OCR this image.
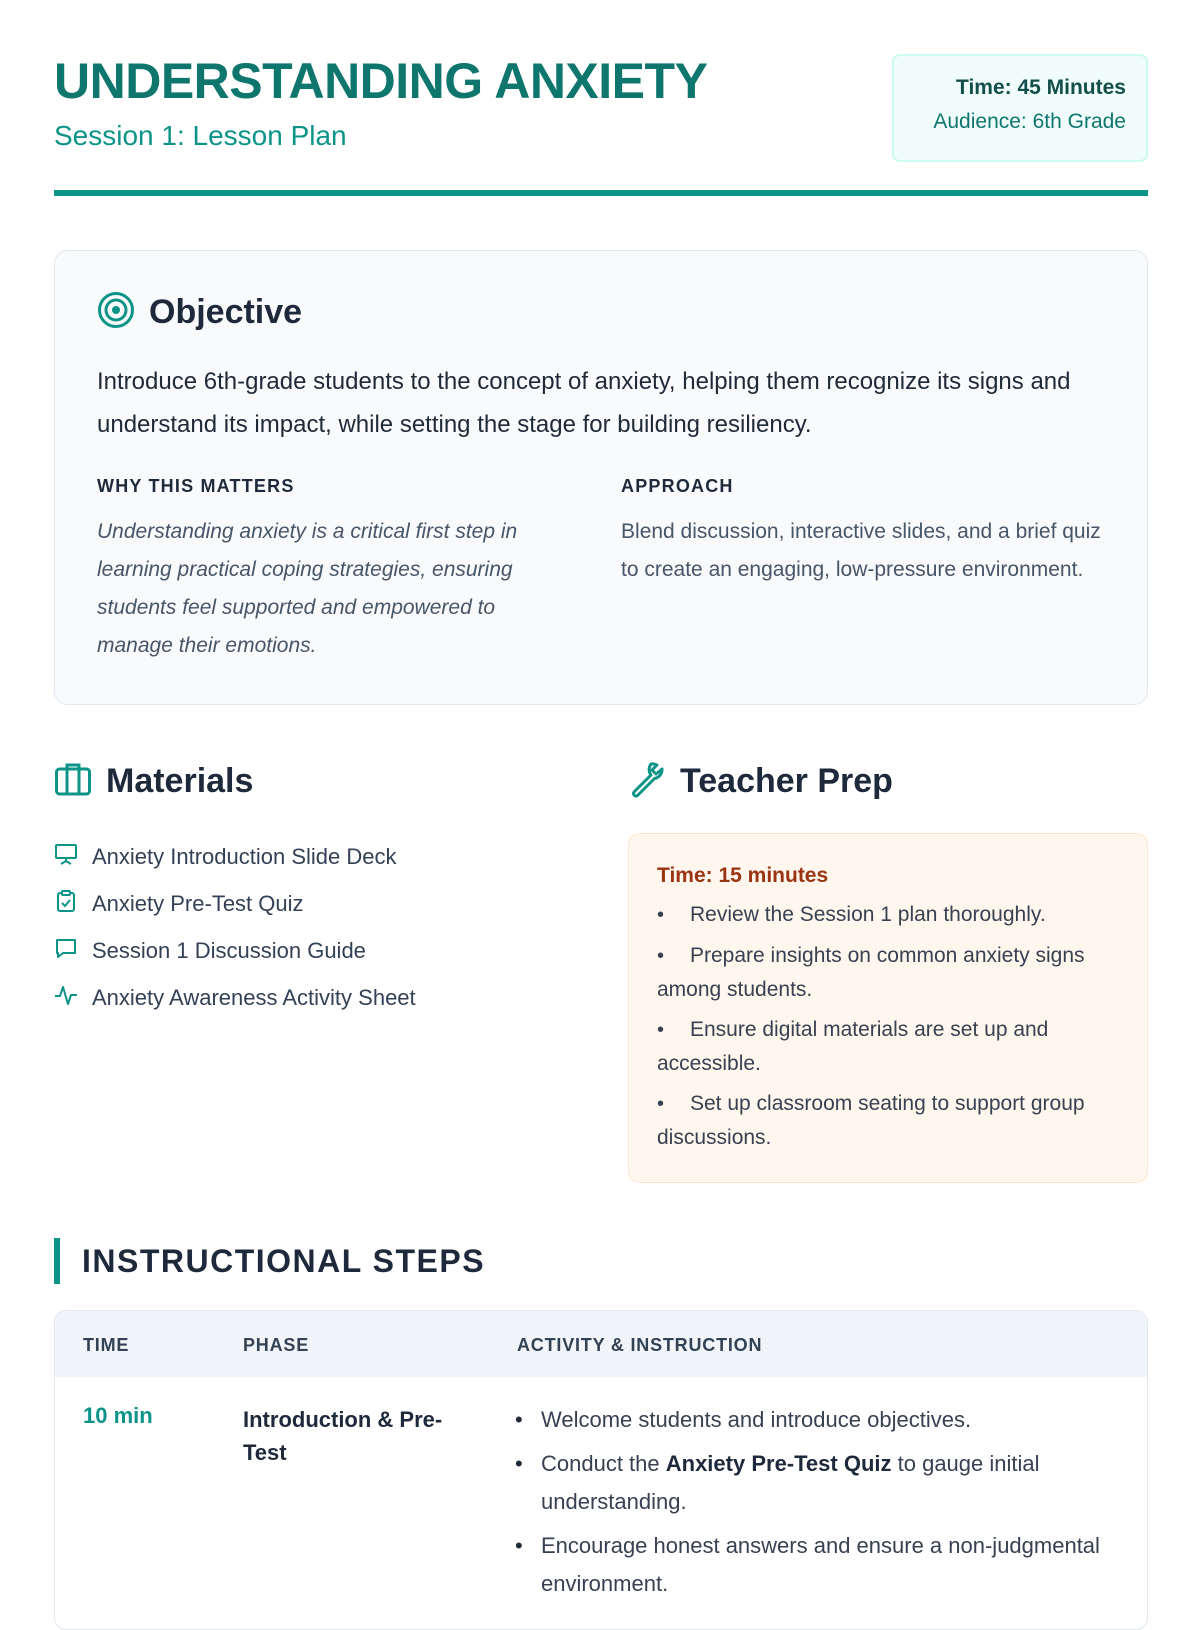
UNDERSTANDING ANXIETY

Session 1: Lesson Plan

Time: 45 Minutes
Audience: 6th Grade
Objective

Introduce 6th-grade students to the concept of anxiety, helping them recognize its signs and understand its impact, while setting the stage for building resiliency.

WHY THIS MATTERS
Understanding anxiety is a critical first step in learning practical coping strategies, ensuring students feel supported and empowered to manage their emotions.
APPROACH
Blend discussion, interactive slides, and a brief quiz to create an engaging, low-pressure environment.
Materials
Anxiety Introduction Slide Deck
Anxiety Pre-Test Quiz
Session 1 Discussion Guide
Anxiety Awareness Activity Sheet
Teacher Prep
Time: 15 minutes
• Review the Session 1 plan thoroughly.
• Prepare insights on common anxiety signs among students.
• Ensure digital materials are set up and accessible.
• Set up classroom seating to support group discussions.
INSTRUCTIONAL STEPS
TIME	PHASE	ACTIVITY & INSTRUCTION
10 min	Introduction & Pre-Test
• Welcome students and introduce objectives.
• Conduct the Anxiety Pre-Test Quiz to gauge initial understanding.
• Encourage honest answers and ensure a non-judgmental environment.
